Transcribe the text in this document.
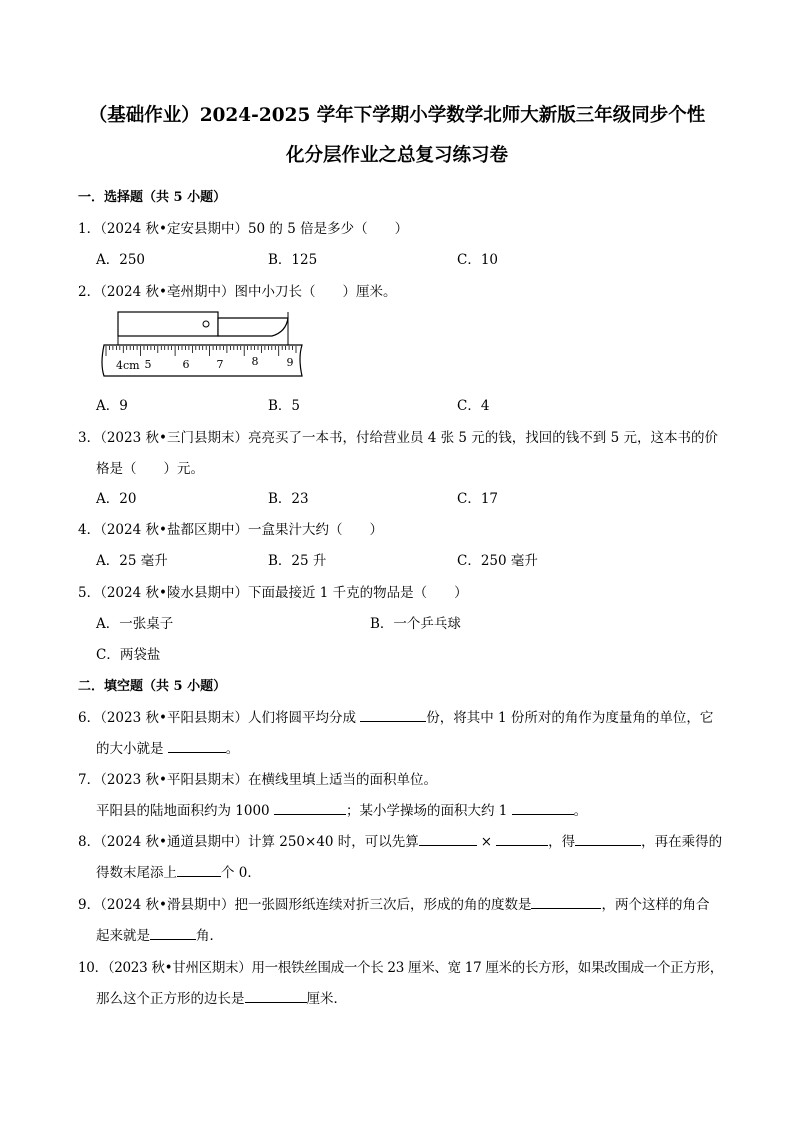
（基础作业）2024-2025 学年下学期小学数学北师大新版三年级同步个性
化分层作业之总复习练习卷
一．选择题（共 5 小题）
1．（2024 秋•定安县期中）50 的 5 倍是多少（　　）
A．250	B．125	C．10
2．（2024 秋•亳州期中）图中小刀长（　　）厘米。
4cm 5	6 7	8	9
A．9	B．5	C．4
3．（2023 秋•三门县期末）亮亮买了一本书，付给营业员 4 张 5 元的钱，找回的钱不到 5 元，这本书的价
格是（　　）元。
A．20	B．23	C．17
4．（2024 秋•盐都区期中）一盒果汁大约（　　）
A．25 毫升	B．25 升	C．250 毫升
5．（2024 秋•陵水县期中）下面最接近 1 千克的物品是（　　）
A．一张桌子	B．一个乒乓球
C．两袋盐
二．填空题（共 5 小题）
6．（2023 秋•平阳县期末）人们将圆平均分成	份，将其中 1 份所对的角作为度量角的单位，它
的大小就是	。
7．（2023 秋•平阳县期末）在横线里填上适当的面积单位。
平阳县的陆地面积约为 1000	；某小学操场的面积大约 1	。
8．（2024 秋•通道县期中）计算 250×40 时，可以先算	×	，得	，再在乘得的
得数末尾添上	个 0．
9．（2024 秋•滑县期中）把一张圆形纸连续对折三次后，形成的角的度数是	，两个这样的角合
起来就是	角．
10．（2023 秋•甘州区期末）用一根铁丝围成一个长 23 厘米、宽 17 厘米的长方形，如果改围成一个正方形，
那么这个正方形的边长是	厘米．
